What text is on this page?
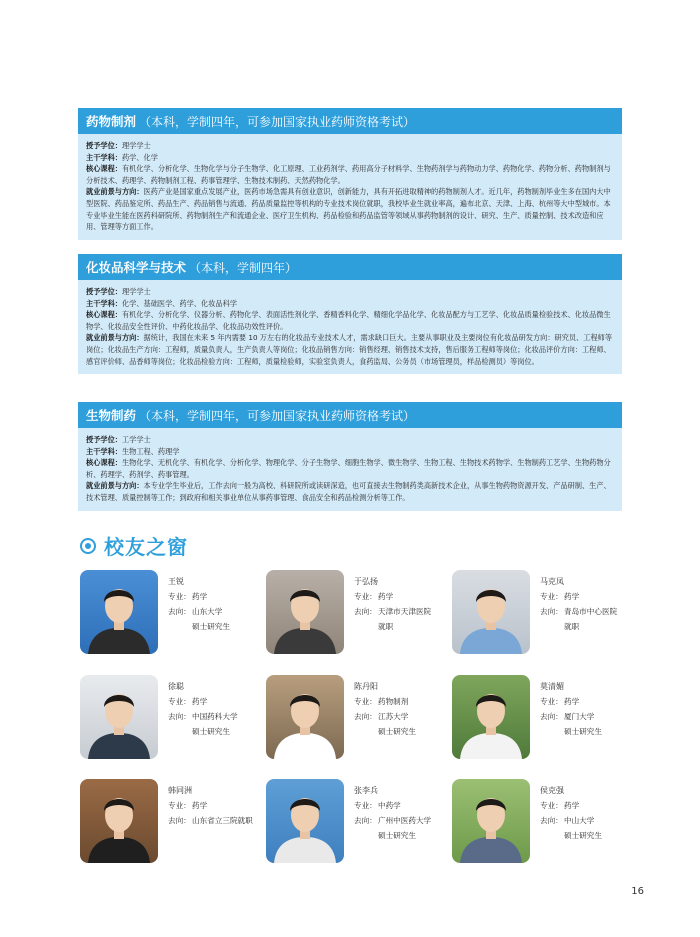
药物制剂 （本科，学制四年，可参加国家执业药师资格考试）
授予学位：理学学士
主干学科：药学、化学
核心课程：有机化学、分析化学、生物化学与分子生物学、化工原理、工业药剂学、药用高分子材料学、生物药剂学与药物动力学、药物化学、药物分析、药物制剂与分析技术、药理学、药物制剂工程、药事管理学、生物技术制药、天然药物化学。
就业前景与方向：医药产业是国家重点发展产业，医药市场急需具有创业意识，创新能力，具有开拓进取精神的药物制剂人才。近几年，药物制剂毕业生多在国内大中型医院、药品鉴定所、药品生产、药品销售与流通、药品质量监控等机构的专业技术岗位就职，我校毕业生就业率高，遍布北京、天津、上海、杭州等大中型城市。本专业毕业生能在医药科研院所、药物制剂生产和流通企业、医疗卫生机构、药品检验和药品监管等领域从事药物制剂的设计、研究、生产、质量控制、技术改造和应用、管理等方面工作。
化妆品科学与技术 （本科，学制四年）
授予学位：理学学士
主干学科：化学、基础医学、药学、化妆品科学
核心课程：有机化学、分析化学、仪器分析、药物化学、表面活性剂化学、香精香料化学、精细化学品化学、化妆品配方与工艺学、化妆品质量检验技术、化妆品微生物学、化妆品安全性评价、中药化妆品学、化妆品功效性评价。
就业前景与方向：据统计，我国在未来 5 年内需要 10 万左右的化妆品专业技术人才，需求缺口巨大。主要从事职业及主要岗位有化妆品研发方向：研究员、工程师等岗位；化妆品生产方向：工程师，质量负责人，生产负责人等岗位；化妆品销售方向：销售经理、销售技术支持，售后服务工程师等岗位；化妆品评价方向：工程师、感官评价师、品香师等岗位；化妆品检验方向：工程师，质量检验师，实验室负责人，食药监局、公务员（市场管理员，样品检测员）等岗位。
生物制药 （本科，学制四年，可参加国家执业药师资格考试）
授予学位：工学学士
主干学科：生物工程、药理学
核心课程：生物化学、无机化学、有机化学、分析化学、物理化学、分子生物学、细胞生物学、微生物学、生物工程、生物技术药物学、生物制药工艺学、生物药物分析、药理学、药剂学、药事管理。
就业前景与方向：本专业学生毕业后，工作去向一般为高校、科研院所或读研深造，也可直接去生物制药类高新技术企业，从事生物药物资源开发、产品研制、生产、技术管理、质量控制等工作；到政府和相关事业单位从事药事管理、食品安全和药品检测分析等工作。
校友之窗
王锐
专业： 药学
去向： 山东大学
硕士研究生
于弘扬
专业： 药学
去向： 天津市天津医院
就职
马克凤
专业： 药学
去向： 青岛市中心医院
就职
徐聪
专业： 药学
去向： 中国药科大学
硕士研究生
陈丹阳
专业： 药物制剂
去向： 江苏大学
硕士研究生
莫清媚
专业： 药学
去向： 厦门大学
硕士研究生
韩同洲
专业： 药学
去向： 山东省立三院就职
张李兵
专业： 中药学
去向： 广州中医药大学
硕士研究生
侯克强
专业： 药学
去向： 中山大学
硕士研究生
16
